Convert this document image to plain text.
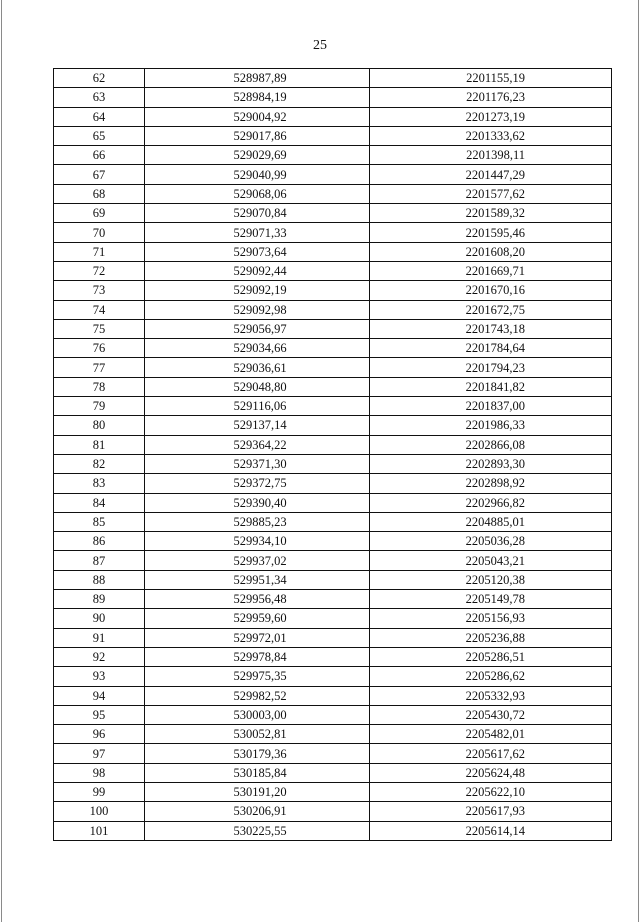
25
62	528987,89	2201155,19
63	528984,19	2201176,23
64	529004,92	2201273,19
65	529017,86	2201333,62
66	529029,69	2201398,11
67	529040,99	2201447,29
68	529068,06	2201577,62
69	529070,84	2201589,32
70	529071,33	2201595,46
71	529073,64	2201608,20
72	529092,44	2201669,71
73	529092,19	2201670,16
74	529092,98	2201672,75
75	529056,97	2201743,18
76	529034,66	2201784,64
77	529036,61	2201794,23
78	529048,80	2201841,82
79	529116,06	2201837,00
80	529137,14	2201986,33
81	529364,22	2202866,08
82	529371,30	2202893,30
83	529372,75	2202898,92
84	529390,40	2202966,82
85	529885,23	2204885,01
86	529934,10	2205036,28
87	529937,02	2205043,21
88	529951,34	2205120,38
89	529956,48	2205149,78
90	529959,60	2205156,93
91	529972,01	2205236,88
92	529978,84	2205286,51
93	529975,35	2205286,62
94	529982,52	2205332,93
95	530003,00	2205430,72
96	530052,81	2205482,01
97	530179,36	2205617,62
98	530185,84	2205624,48
99	530191,20	2205622,10
100	530206,91	2205617,93
101	530225,55	2205614,14
